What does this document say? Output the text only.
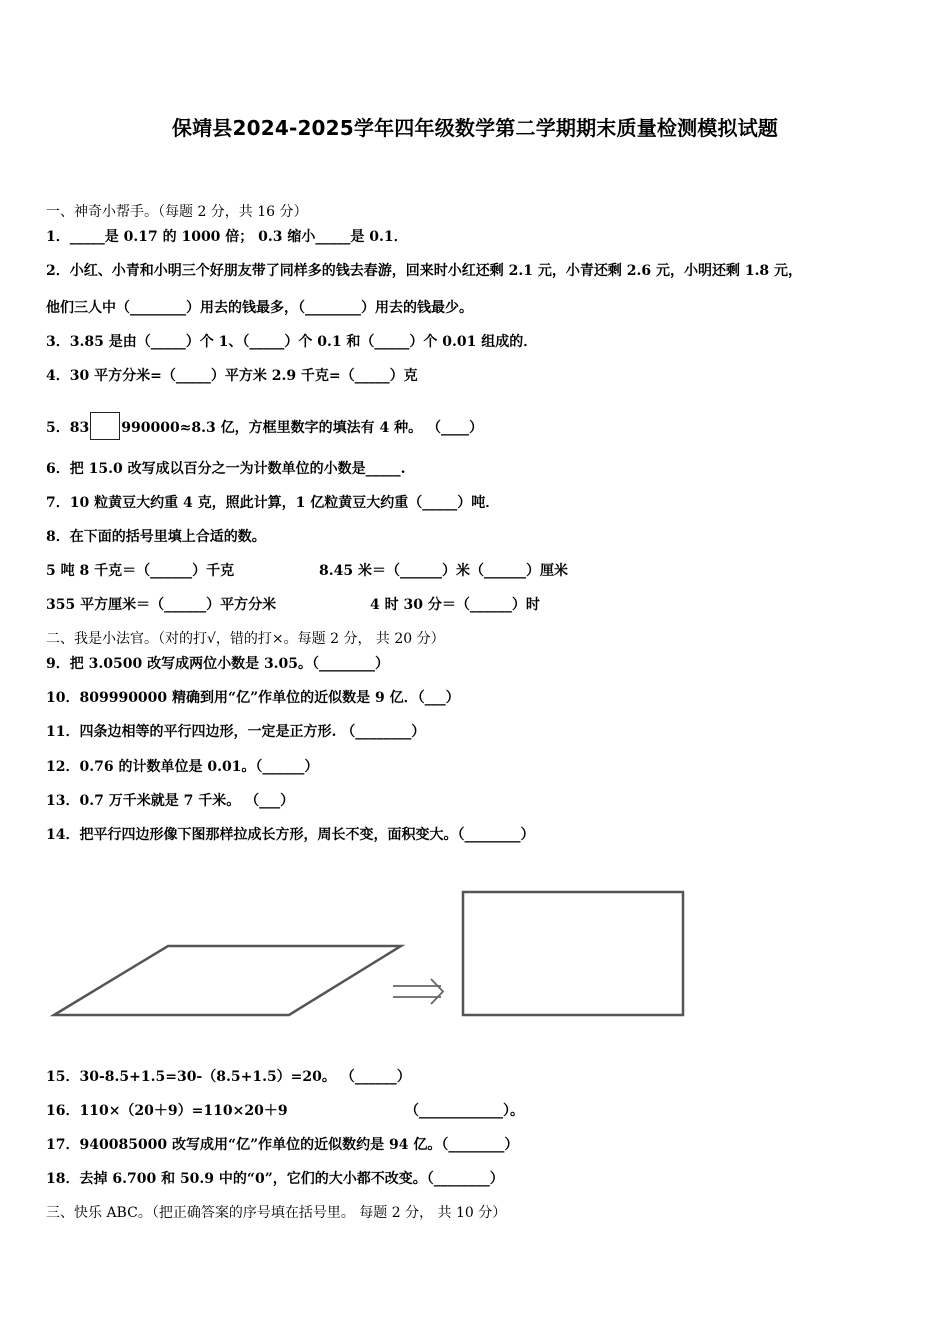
保靖县2024-2025学年四年级数学第二学期期末质量检测模拟试题
一、神奇小帮手。（每题 2 分，共 16 分）
1．_____是 0.17 的 1000 倍； 0.3 缩小_____是 0.1．
2．小红、小青和小明三个好朋友带了同样多的钱去春游，回来时小红还剩 2.1 元，小青还剩 2.6 元，小明还剩 1.8 元，
他们三人中（________）用去的钱最多，（________）用去的钱最少。
3．3.85 是由（_____）个 1、（_____）个 0.1 和（_____）个 0.01 组成的．
4．30 平方分米=（_____）平方米 2.9 千克=（_____）克
5．83 990000≈8.3 亿，方框里数字的填法有 4 种。 （____）
6．把 15.0 改写成以百分之一为计数单位的小数是_____.
7．10 粒黄豆大约重 4 克，照此计算，1 亿粒黄豆大约重（_____）吨．
8．在下面的括号里填上合适的数。
5 吨 8 千克＝（______）千克	8.45 米＝（______）米（______）厘米
355 平方厘米＝（______）平方分米	4 时 30 分＝（______）时
二、我是小法官。（对的打√，错的打×。每题 2 分， 共 20 分）
9．把 3.0500 改写成两位小数是 3.05。（________）
10．809990000 精确到用“亿”作单位的近似数是 9 亿．（___）
11．四条边相等的平行四边形，一定是正方形. （________）
12．0.76 的计数单位是 0.01。（______）
13．0.7 万千米就是 7 千米。 （___）
14．把平行四边形像下图那样拉成长方形，周长不变，面积变大。（________）
15．30-8.5+1.5=30-（8.5+1.5）=20。 （______）
16．110×（20＋9）=110×20＋9	（____________）。
17．940085000 改写成用“亿”作单位的近似数约是 94 亿。（________）
18．去掉 6.700 和 50.9 中的“0”，它们的大小都不改变。（________）
三、快乐 ABC。（把正确答案的序号填在括号里。 每题 2 分， 共 10 分）
